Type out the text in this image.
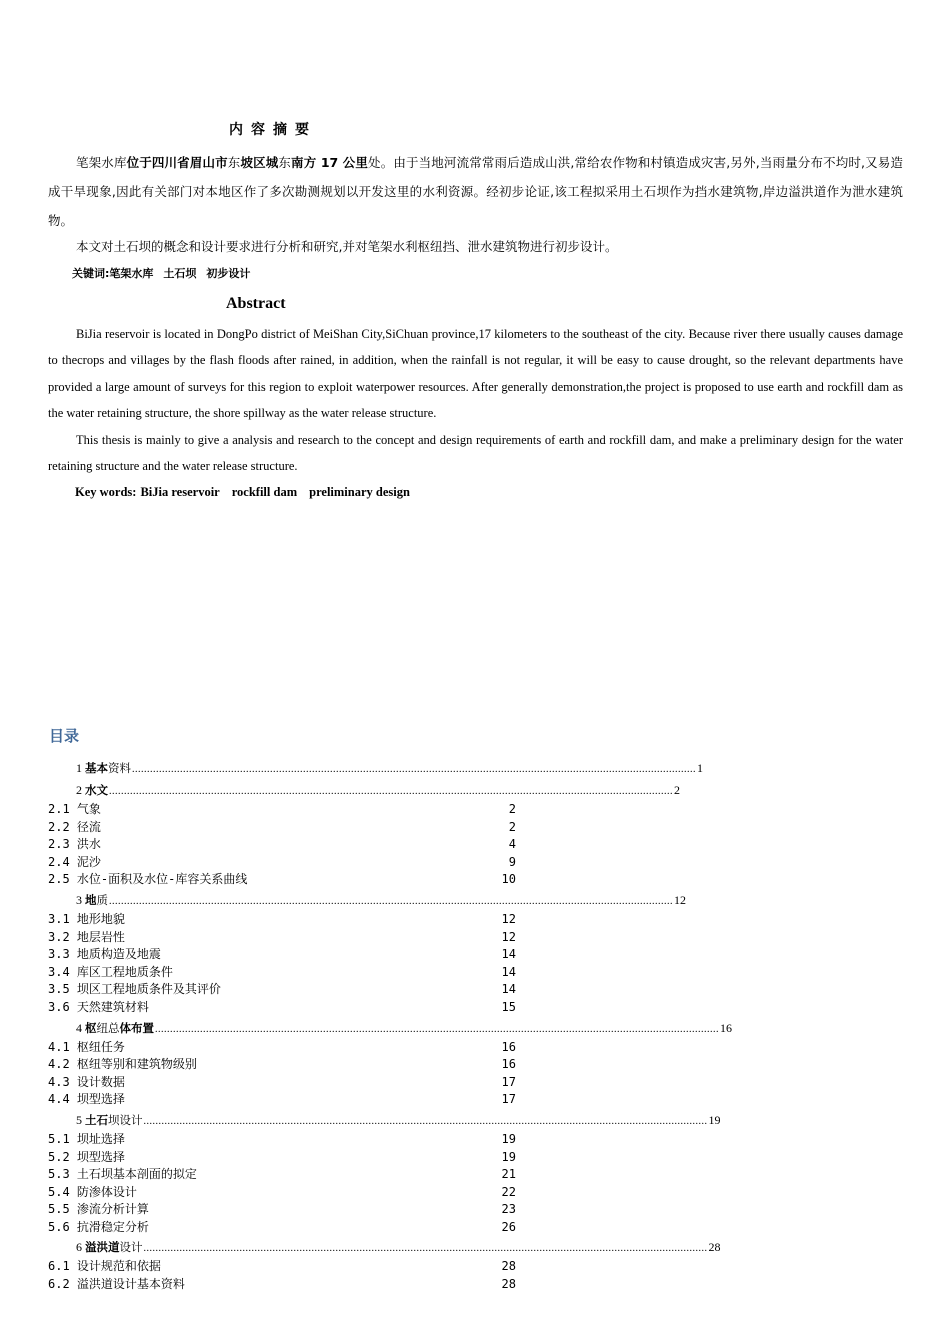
内容摘要
笔架水库位于四川省眉山市东坡区城东南方 17 公里处。由于当地河流常常雨后造成山洪,常给农作物和村镇造成灾害,另外,当雨量分布不均时,又易造成干旱现象,因此有关部门对本地区作了多次勘测规划以开发这里的水利资源。经初步论证,该工程拟采用土石坝作为挡水建筑物,岸边溢洪道作为泄水建筑物。
本文对土石坝的概念和设计要求进行分析和研究,并对笔架水利枢纽挡、泄水建筑物进行初步设计。
关键词:笔架水库 土石坝 初步设计
Abstract
BiJia reservoir is located in DongPo district of MeiShan City,SiChuan province,17 kilometers to the southeast of the city. Because river there usually causes damage to thecrops and villages by the flash floods after rained, in addition, when the rainfall is not regular, it will be easy to cause drought, so the relevant departments have provided a large amount of surveys for this region to exploit waterpower resources. After generally demonstration,the project is proposed to use earth and rockfill dam as the water retaining structure, the shore spillway as the water release structure.
This thesis is mainly to give a analysis and research to the concept and design requirements of earth and rockfill dam, and make a preliminary design for the water retaining structure and the water release structure.
Key words: BiJia reservoir rockfill dam preliminary design
目录
1 基本资料 ............................................................................................................................................................................................ 1
2 水文 ............................................................................................................................................................................................ 2
2.1 气象	2
2.2 径流	2
2.3 洪水	4
2.4 泥沙	9
2.5 水位-面积及水位-库容关系曲线	10
3 地质 ............................................................................................................................................................................................ 12
3.1 地形地貌	12
3.2 地层岩性	12
3.3 地质构造及地震	14
3.4 库区工程地质条件	14
3.5 坝区工程地质条件及其评价	14
3.6 天然建筑材料	15
4 枢纽总体布置 ............................................................................................................................................................................................ 16
4.1 枢纽任务	16
4.2 枢纽等别和建筑物级别	16
4.3 设计数据	17
4.4 坝型选择	17
5 土石坝设计 ............................................................................................................................................................................................ 19
5.1 坝址选择	19
5.2 坝型选择	19
5.3 土石坝基本剖面的拟定	21
5.4 防渗体设计	22
5.5 渗流分析计算	23
5.6 抗滑稳定分析	26
6 溢洪道设计 ............................................................................................................................................................................................ 28
6.1 设计规范和依据	28
6.2 溢洪道设计基本资料	28
